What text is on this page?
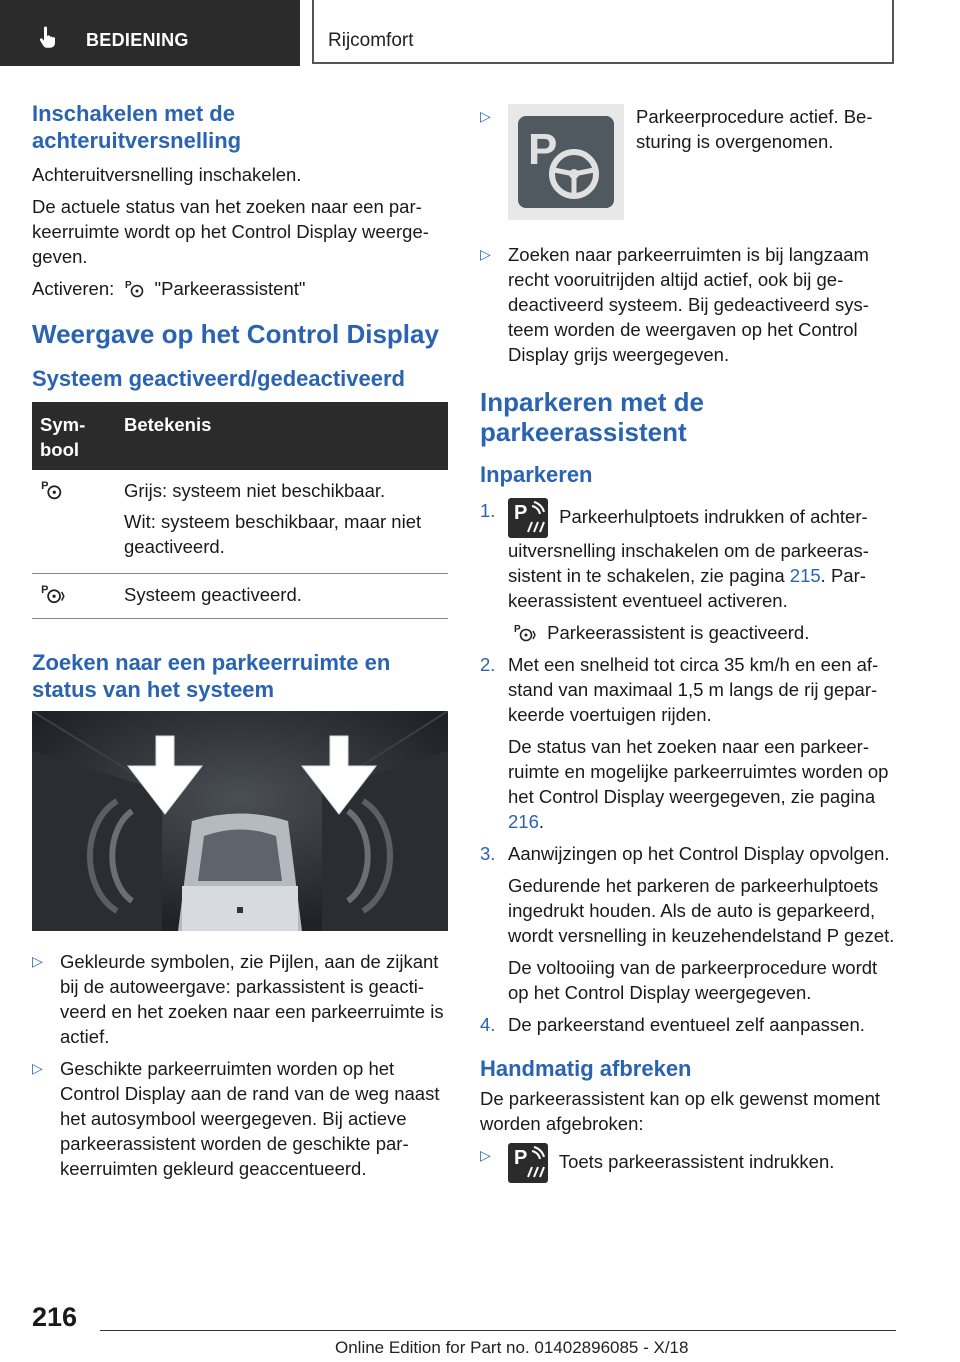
BEDIENING	Rijcomfort
Inschakelen met de achteruitversnelling

Achteruitversnelling inschakelen.

De actuele status van het zoeken naar een parkeerruimte wordt op het Control Display weergegeven.

Activeren: P "Parkeerassistent"

Weergave op het Control Display
Systeem geactiveerd/gedeactiveerd
Symbool	Betekenis

P	Grijs: systeem niet beschikbaar.

Wit: systeem beschikbaar, maar niet geactiveerd.

P	Systeem geactiveerd.
Zoeken naar een parkeerruimte en status van het systeem
▷ Gekleurde symbolen, zie Pijlen, aan de zijkant bij de autoweergave: parkassistent is geactiveerd en het zoeken naar een parkeerruimte is actief.
▷ Geschikte parkeerruimten worden op het Control Display aan de rand van de weg naast het autosymbool weergegeven. Bij actieve parkeerassistent worden de geschikte parkeerruimten gekleurd geaccentueerd.
▷
P
Parkeerprocedure actief. Besturing is overgenomen.
▷ Zoeken naar parkeerruimten is bij langzaam recht vooruitrijden altijd actief, ook bij gedeactiveerd systeem. Bij gedeactiveerd systeem worden de weergaven op het Control Display grijs weergegeven.
Inparkeren met de parkeerassistent
Inparkeren
1. P Parkeerhulptoets indrukken of achteruitversnelling inschakelen om de parkeerassistent in te schakelen, zie pagina 215. Parkeerassistent eventueel activeren.

P Parkeerassistent is geactiveerd.

2. Met een snelheid tot circa 35 km/h en een afstand van maximaal 1,5 m langs de rij geparkeerde voertuigen rijden.

De status van het zoeken naar een parkeerruimte en mogelijke parkeerruimtes worden op het Control Display weergegeven, zie pagina 216.

3. Aanwijzingen op het Control Display opvolgen.

Gedurende het parkeren de parkeerhulptoets ingedrukt houden. Als de auto is geparkeerd, wordt versnelling in keuzehendelstand P gezet.

De voltooiing van de parkeerprocedure wordt op het Control Display weergegeven.

4. De parkeerstand eventueel zelf aanpassen.

Handmatig afbreken

De parkeerassistent kan op elk gewenst moment worden afgebroken:

▷ P Toets parkeerassistent indrukken.
216
Online Edition for Part no. 01402896085 - X/18
